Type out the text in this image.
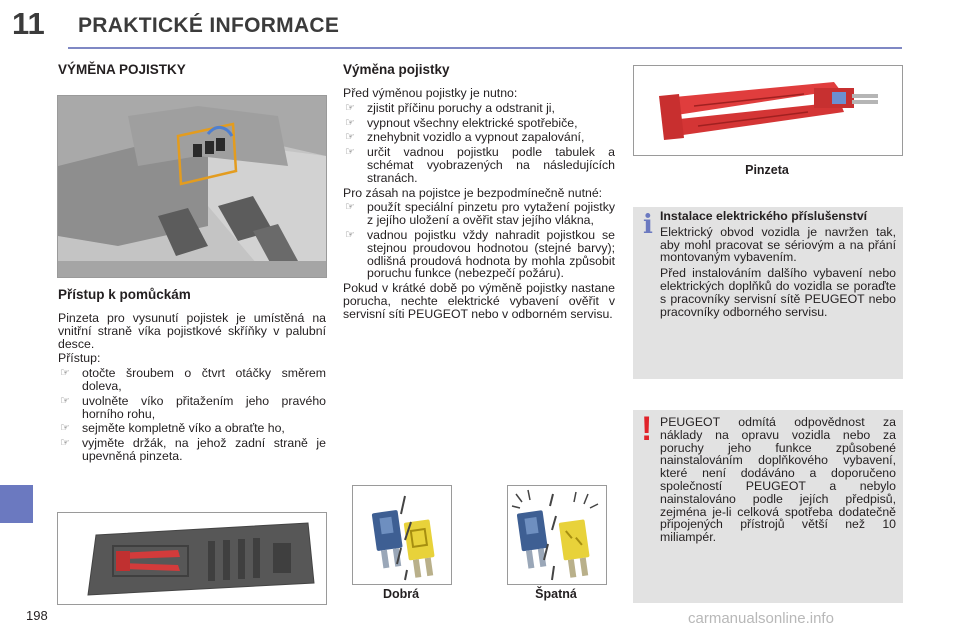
11 PRAKTICKÉ INFORMACE
VÝMĚNA POJISTKY
Přístup k pomůckám

Pinzeta pro vysunutí pojistek je umístěná na vnitřní straně víka pojistkové skříňky v palubní desce.

Přístup:

☞ otočte šroubem o čtvrt otáčky směrem doleva,
☞ uvolněte víko přitažením jeho pravého horního rohu,
☞ sejměte kompletně víko a obraťte ho,
☞ vyjměte držák, na jehož zadní straně je upevněná pinzeta.
Výměna pojistky

Před výměnou pojistky je nutno:

☞ zjistit příčinu poruchy a odstranit ji,
☞ vypnout všechny elektrické spotřebiče,
☞ znehybnit vozidlo a vypnout zapalování,
☞ určit vadnou pojistku podle tabulek a schémat vyobrazených na následujících stranách.

Pro zásah na pojistce je bezpodmínečně nutné:

☞ použít speciální pinzetu pro vytažení pojistky z jejího uložení a ověřit stav jejího vlákna,
☞ vadnou pojistku vždy nahradit pojistkou se stejnou proudovou hodnotou (stejné barvy); odlišná proudová hodnota by mohla způsobit poruchu funkce (nebezpečí požáru).

Pokud v krátké době po výměně pojistky nastane porucha, nechte elektrické vybavení ověřit v servisní síti PEUGEOT nebo v odborném servisu.

Dobrá	Špatná
Pinzeta
i Instalace elektrického příslušenství

Elektrický obvod vozidla je navržen tak, aby mohl pracovat se sériovým a na přání montovaným vybavením.

Před instalováním dalšího vybavení nebo elektrických doplňků do vozidla se poraďte s pracovníky servisní sítě PEUGEOT nebo pracovníky odborného servisu.

! PEUGEOT odmítá odpovědnost za náklady na opravu vozidla nebo za poruchy jeho funkce způsobené nainstalováním doplňkového vybavení, které není dodáváno a doporučeno společností PEUGEOT a nebylo nainstalováno podle jejích předpisů, zejména je-li celková spotřeba dodatečně připojených přístrojů větší než 10 miliampér.
198	carmanualsonline.info
